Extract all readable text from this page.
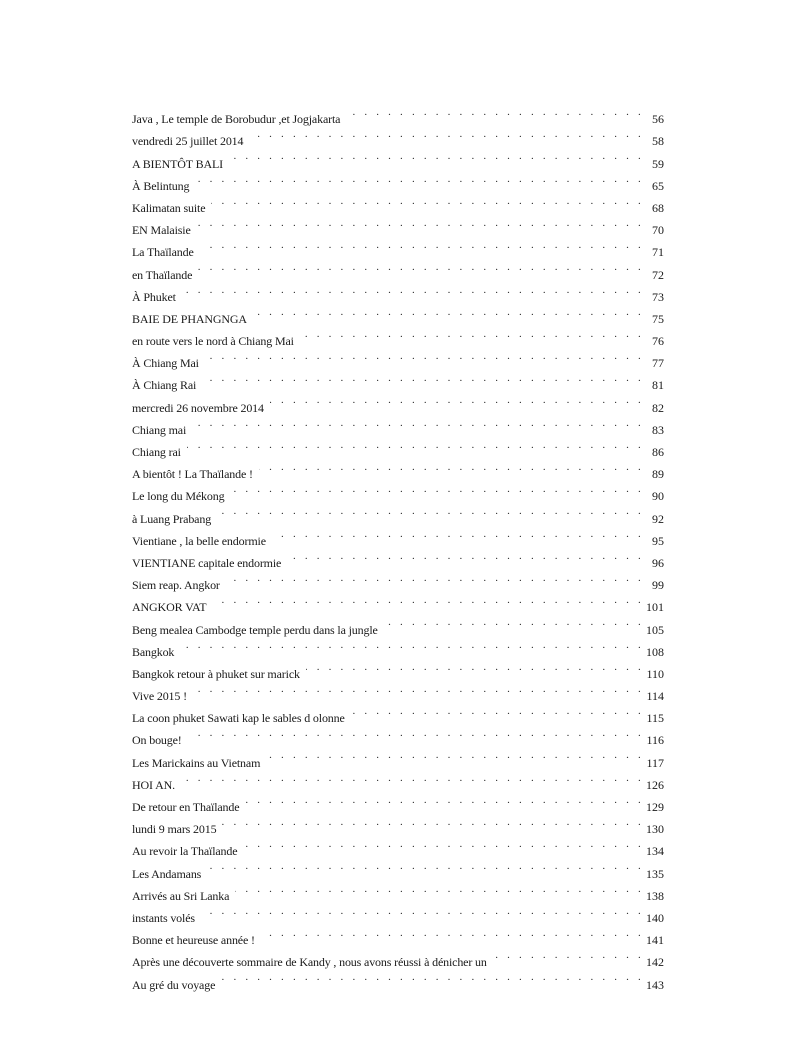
Java , Le temple de Borobudur ,et Jogjakarta . . .	56
vendredi 25 juillet 2014 . . .	58
A BIENTÔT BALI . . .	59
À Belintung . . .	65
Kalimatan suite . . .	68
EN Malaisie . . .	70
La Thaïlande . . .	71
en Thaïlande . . .	72
À Phuket . . .	73
BAIE DE PHANGNGA . . .	75
en route vers le nord à Chiang Mai . . .	76
À Chiang Mai . . .	77
À Chiang Rai . . .	81
mercredi 26 novembre 2014 . . .	82
Chiang mai . . .	83
Chiang rai . . .	86
A bientôt ! La Thaïlande ! . . .	89
Le long du Mékong . . .	90
à Luang Prabang . . .	92
Vientiane , la belle endormie . . .	95
VIENTIANE capitale endormie . . .	96
Siem reap. Angkor . . .	99
ANGKOR VAT . . .	101
Beng mealea Cambodge temple perdu dans la jungle . . .	105
Bangkok . . .	108
Bangkok retour à phuket sur marick . . .	110
Vive 2015 ! . . .	114
La coon phuket Sawati kap le sables d olonne . . .	115
On bouge! . . .	116
Les Marickains au Vietnam . . .	117
HOI AN. . . .	126
De retour en Thaïlande . . .	129
lundi 9 mars 2015 . . .	130
Au revoir la Thaïlande . . .	134
Les Andamans . . .	135
Arrivés au Sri Lanka . . .	138
instants volés . . .	140
Bonne et heureuse année ! . . .	141
Après une découverte sommaire de Kandy , nous avons réussi à dénicher un . . .	142
Au gré du voyage . . .	143
